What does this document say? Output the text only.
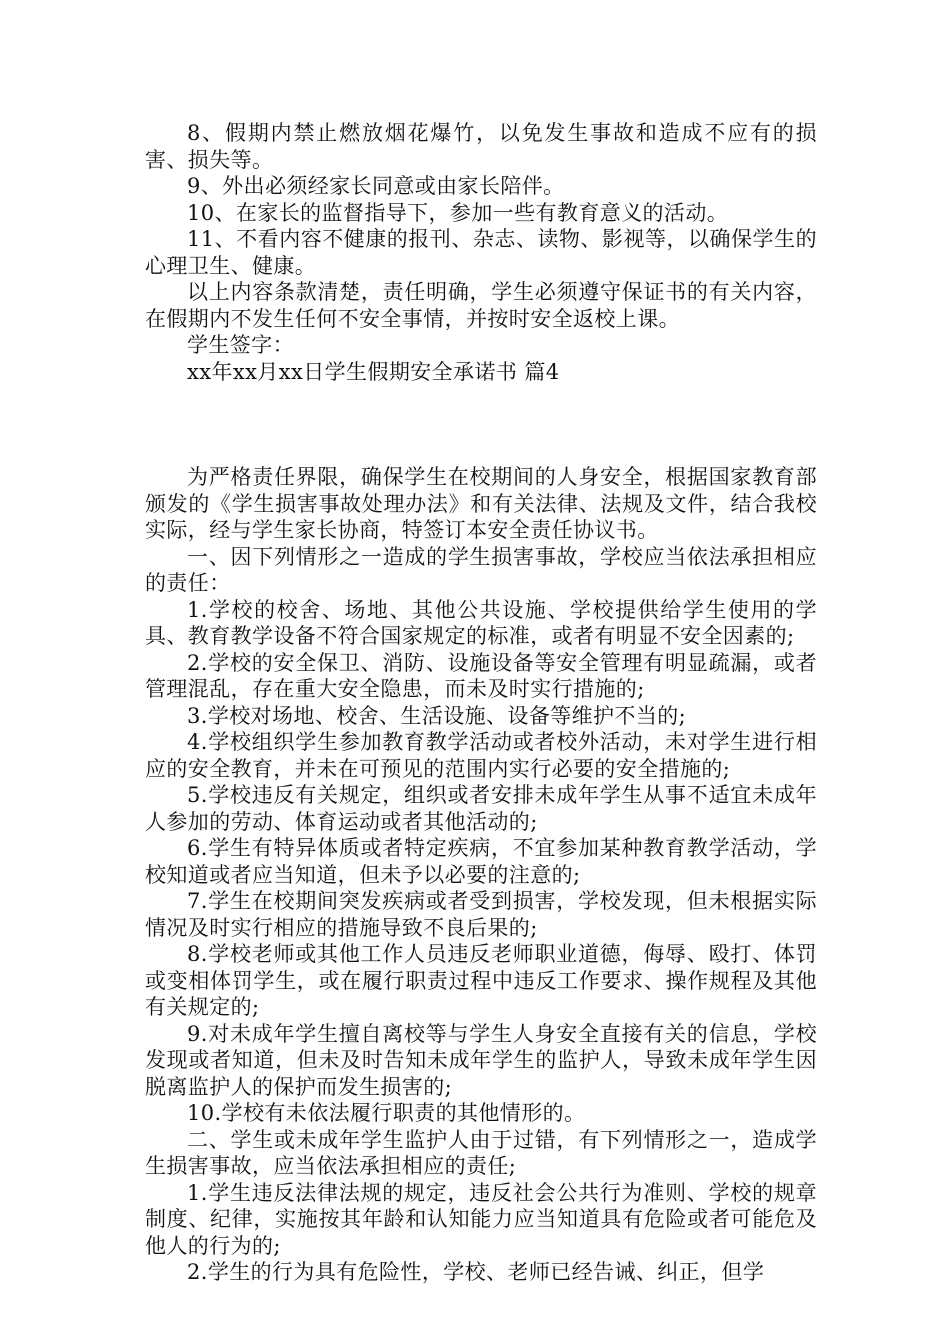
8、假期内禁止燃放烟花爆竹，以免发生事故和造成不应有的损害、损失等。

9、外出必须经家长同意或由家长陪伴。

10、在家长的监督指导下，参加一些有教育意义的活动。

11、不看内容不健康的报刊、杂志、读物、影视等，以确保学生的心理卫生、健康。

以上内容条款清楚，责任明确，学生必须遵守保证书的有关内容，在假期内不发生任何不安全事情，并按时安全返校上课。

学生签字：

xx年xx月xx日学生假期安全承诺书 篇4

为严格责任界限，确保学生在校期间的人身安全，根据国家教育部颁发的《学生损害事故处理办法》和有关法律、法规及文件，结合我校实际，经与学生家长协商，特签订本安全责任协议书。

一、因下列情形之一造成的学生损害事故，学校应当依法承担相应的责任：

1.学校的校舍、场地、其他公共设施、学校提供给学生使用的学具、教育教学设备不符合国家规定的标准，或者有明显不安全因素的;

2.学校的安全保卫、消防、设施设备等安全管理有明显疏漏，或者管理混乱，存在重大安全隐患，而未及时实行措施的;

3.学校对场地、校舍、生活设施、设备等维护不当的;

4.学校组织学生参加教育教学活动或者校外活动，未对学生进行相应的安全教育，并未在可预见的范围内实行必要的安全措施的;

5.学校违反有关规定，组织或者安排未成年学生从事不适宜未成年人参加的劳动、体育运动或者其他活动的;

6.学生有特异体质或者特定疾病，不宜参加某种教育教学活动，学校知道或者应当知道，但未予以必要的注意的;

7.学生在校期间突发疾病或者受到损害，学校发现，但未根据实际情况及时实行相应的措施导致不良后果的;

8.学校老师或其他工作人员违反老师职业道德，侮辱、殴打、体罚或变相体罚学生，或在履行职责过程中违反工作要求、操作规程及其他有关规定的;

9.对未成年学生擅自离校等与学生人身安全直接有关的信息，学校发现或者知道，但未及时告知未成年学生的监护人，导致未成年学生因脱离监护人的保护而发生损害的;

10.学校有未依法履行职责的其他情形的。

二、学生或未成年学生监护人由于过错，有下列情形之一，造成学生损害事故，应当依法承担相应的责任;

1.学生违反法律法规的规定，违反社会公共行为准则、学校的规章制度、纪律，实施按其年龄和认知能力应当知道具有危险或者可能危及他人的行为的;

2.学生的行为具有危险性，学校、老师已经告诫、纠正，但学
